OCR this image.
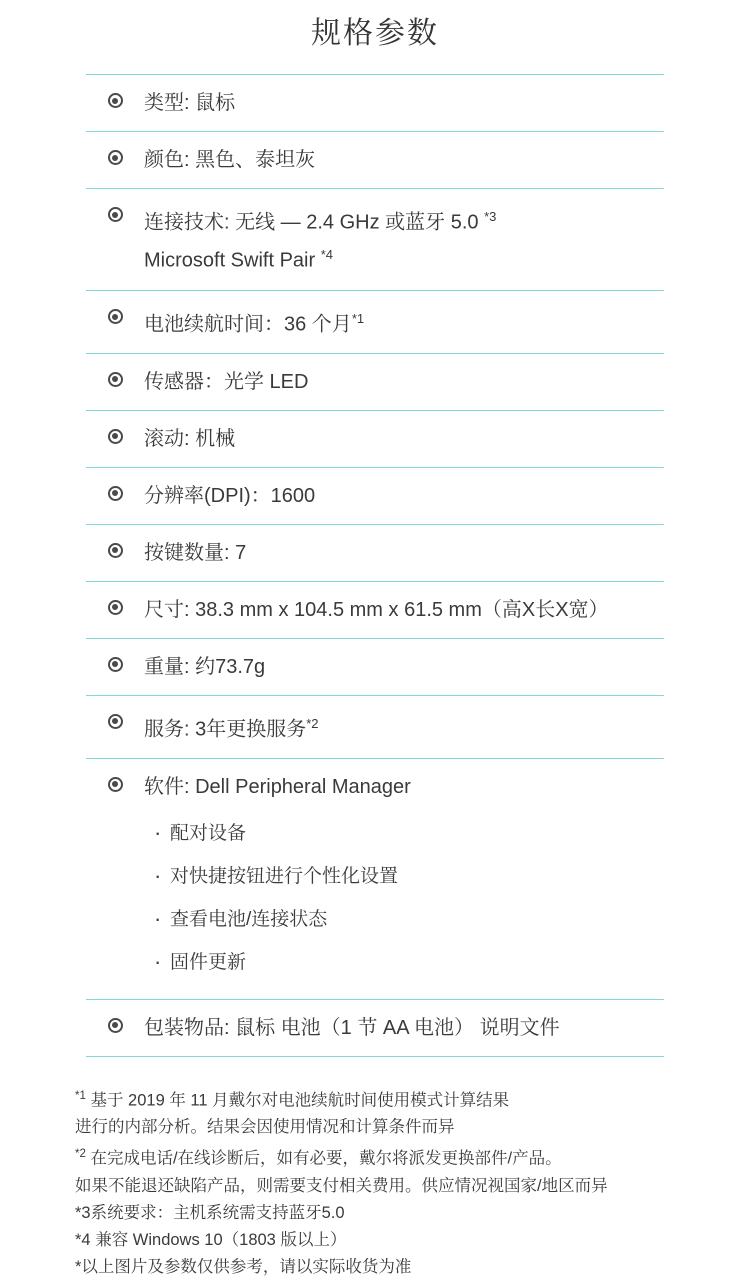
规格参数
类型: 鼠标
颜色: 黑色、泰坦灰
连接技术: 无线 — 2.4 GHz 或蓝牙 5.0 $^{*3}$
Microsoft Swift Pair $^{*4}$
电池续航时间：36 个月$^{*1}$
传感器：光学 LED
滚动: 机械
分辨率(DPI)：1600
按键数量: 7
尺寸: 38.3 mm x 104.5 mm x 61.5 mm（高X长X宽）
重量: 约73.7g
服务: 3年更换服务$^{*2}$
软件: Dell Peripheral Manager
· 配对设备
· 对快捷按钮进行个性化设置
· 查看电池/连接状态
· 固件更新
包装物品: 鼠标 电池（1 节 AA 电池） 说明文件

$^{*1}$ 基于 2019 年 11 月戴尔对电池续航时间使用模式计算结果

进行的内部分析。结果会因使用情况和计算条件而异

$^{*2}$ 在完成电话/在线诊断后，如有必要，戴尔将派发更换部件/产品。

如果不能退还缺陷产品，则需要支付相关费用。供应情况视国家/地区而异

*3系统要求：主机系统需支持蓝牙5.0

*4 兼容 Windows 10（1803 版以上）

*以上图片及参数仅供参考，请以实际收货为准
